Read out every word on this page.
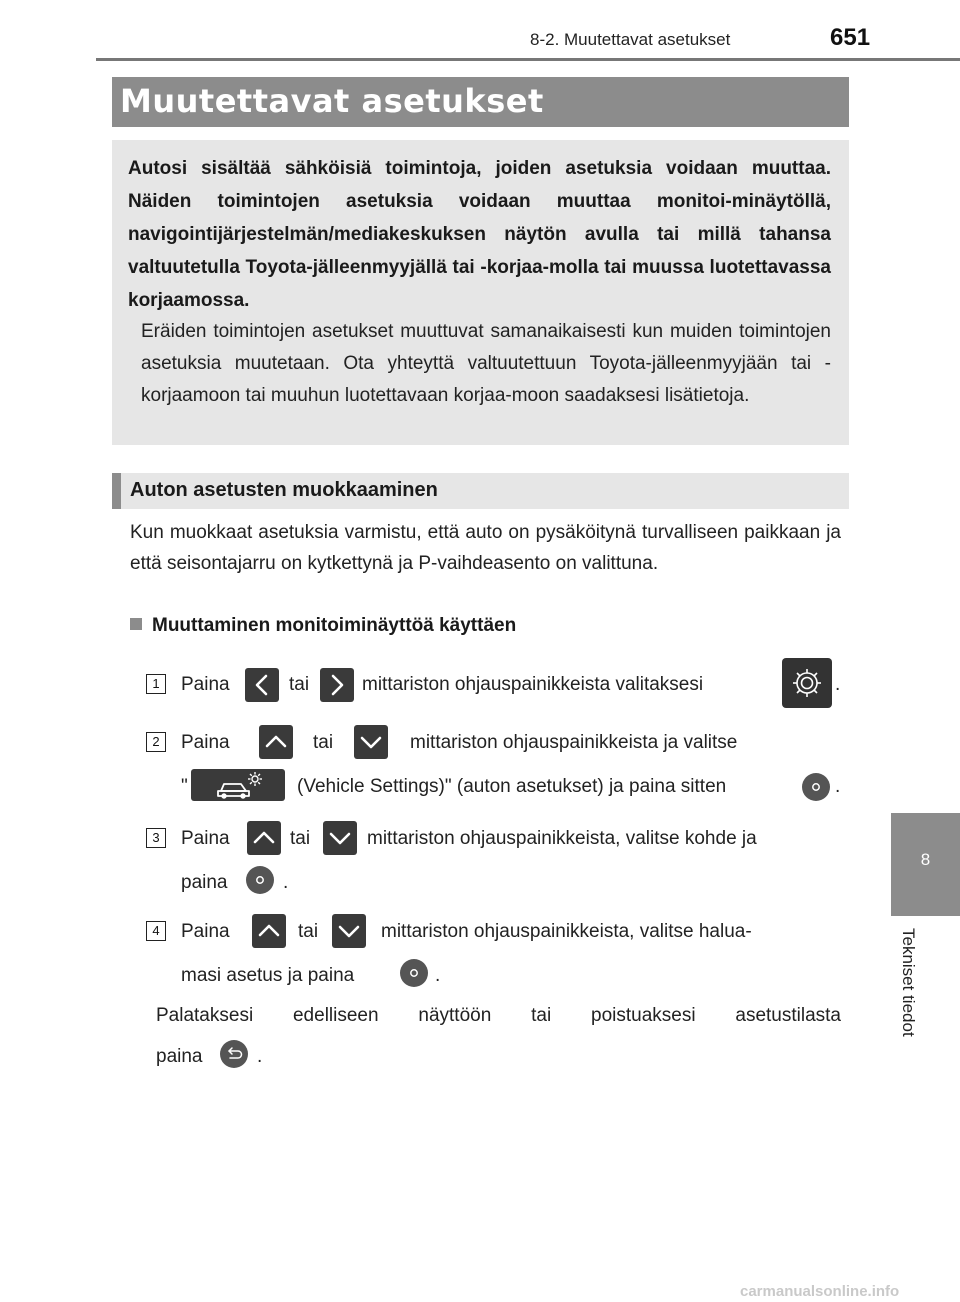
8-2. Muutettavat asetukset	651
Muutettavat asetukset
Autosi sisältää sähköisiä toimintoja, joiden asetuksia voidaan muuttaa. Näiden toimintojen asetuksia voidaan muuttaa monitoi-minäytöllä, navigointijärjestelmän/mediakeskuksen näytön avulla tai millä tahansa valtuutetulla Toyota-jälleenmyyjällä tai -korjaa-molla tai muussa luotettavassa korjaamossa.
Eräiden toimintojen asetukset muuttuvat samanaikaisesti kun muiden toimintojen asetuksia muutetaan. Ota yhteyttä valtuutettuun Toyota-jälleenmyyjään tai -korjaamoon tai muuhun luotettavaan korjaa-moon saadaksesi lisätietoja.
Auton asetusten muokkaaminen
Kun muokkaat asetuksia varmistu, että auto on pysäköitynä turvalliseen paikkaan ja että seisontajarru on kytkettynä ja P-vaihdeasento on valittuna.
Muuttaminen monitoiminäyttöä käyttäen
1	Paina	tai	mittariston ohjauspainikkeista valitaksesi	.
2	Paina	tai	mittariston ohjauspainikkeista ja valitse
"	(Vehicle Settings)" (auton asetukset) ja paina sitten	.
3	Paina	tai	mittariston ohjauspainikkeista, valitse kohde ja
paina	.
4	Paina	tai	mittariston ohjauspainikkeista, valitse halua-
masi asetus ja paina	.
Palataksesi edelliseen näyttöön tai poistuaksesi asetustilasta
paina	.
8
Tekniset tiedot
carmanualsonline.info
